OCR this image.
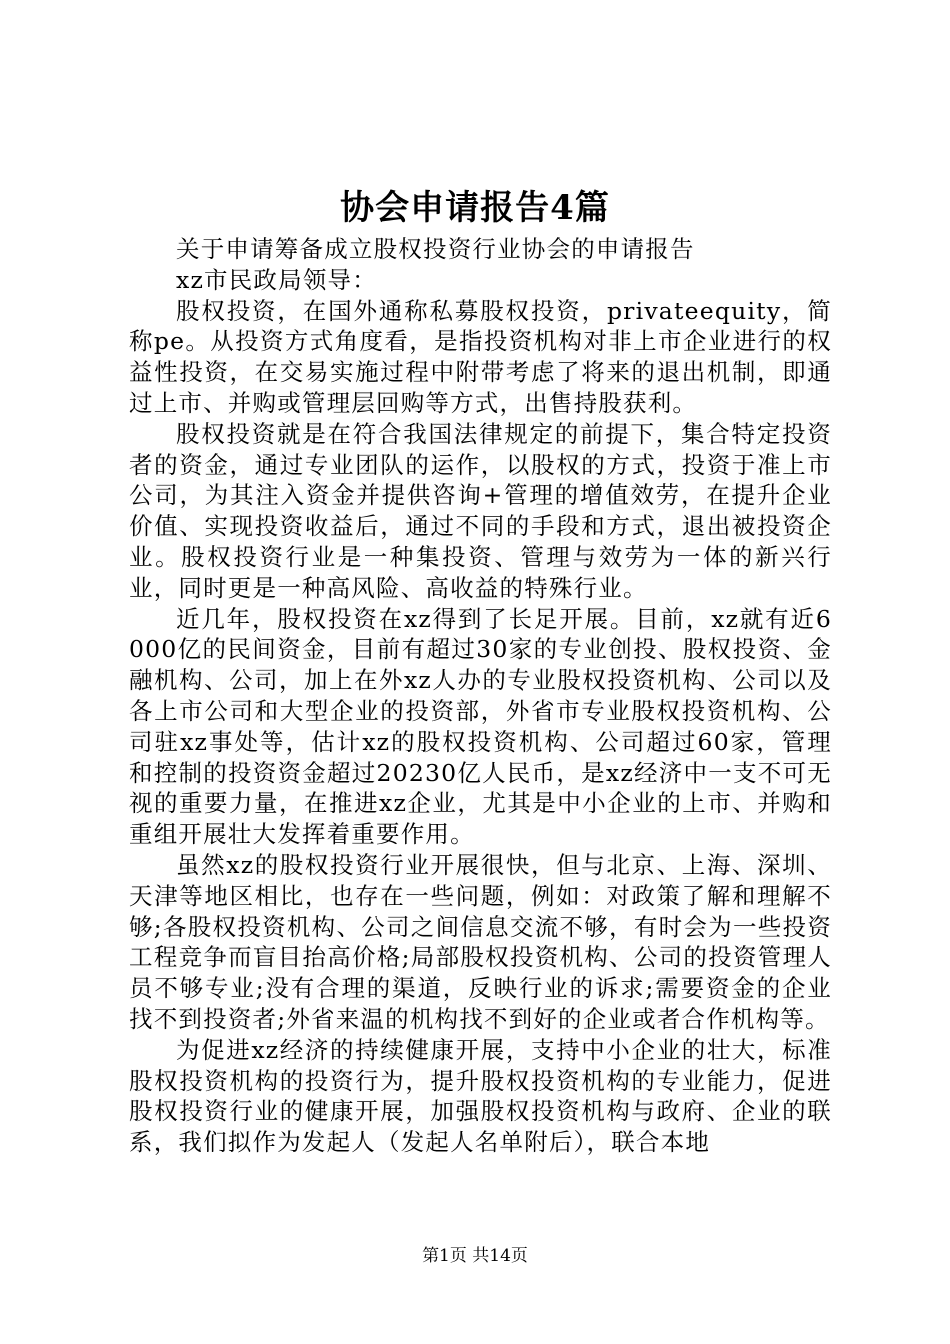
协会申请报告4篇

关于申请筹备成立股权投资行业协会的申请报告

xz市民政局领导：

股权投资，在国外通称私募股权投资，privateequity，简称pe。从投资方式角度看，是指投资机构对非上市企业进行的权益性投资，在交易实施过程中附带考虑了将来的退出机制，即通过上市、并购或管理层回购等方式，出售持股获利。

股权投资就是在符合我国法律规定的前提下，集合特定投资者的资金，通过专业团队的运作，以股权的方式，投资于准上市公司，为其注入资金并提供咨询+管理的增值效劳，在提升企业价值、实现投资收益后，通过不同的手段和方式，退出被投资企业。股权投资行业是一种集投资、管理与效劳为一体的新兴行业，同时更是一种高风险、高收益的特殊行业。

近几年，股权投资在xz得到了长足开展。目前，xz就有近6000亿的民间资金，目前有超过30家的专业创投、股权投资、金融机构、公司，加上在外xz人办的专业股权投资机构、公司以及各上市公司和大型企业的投资部，外省市专业股权投资机构、公司驻xz事处等，估计xz的股权投资机构、公司超过60家，管理和控制的投资资金超过20230亿人民币，是xz经济中一支不可无视的重要力量，在推进xz企业，尤其是中小企业的上市、并购和重组开展壮大发挥着重要作用。

虽然xz的股权投资行业开展很快，但与北京、上海、深圳、天津等地区相比，也存在一些问题，例如：对政策了解和理解不够;各股权投资机构、公司之间信息交流不够，有时会为一些投资工程竞争而盲目抬高价格;局部股权投资机构、公司的投资管理人员不够专业;没有合理的渠道，反映行业的诉求;需要资金的企业找不到投资者;外省来温的机构找不到好的企业或者合作机构等。

为促进xz经济的持续健康开展，支持中小企业的壮大，标准股权投资机构的投资行为，提升股权投资机构的专业能力，促进股权投资行业的健康开展，加强股权投资机构与政府、企业的联系，我们拟作为发起人（发起人名单附后），联合本地

第1页 共14页
